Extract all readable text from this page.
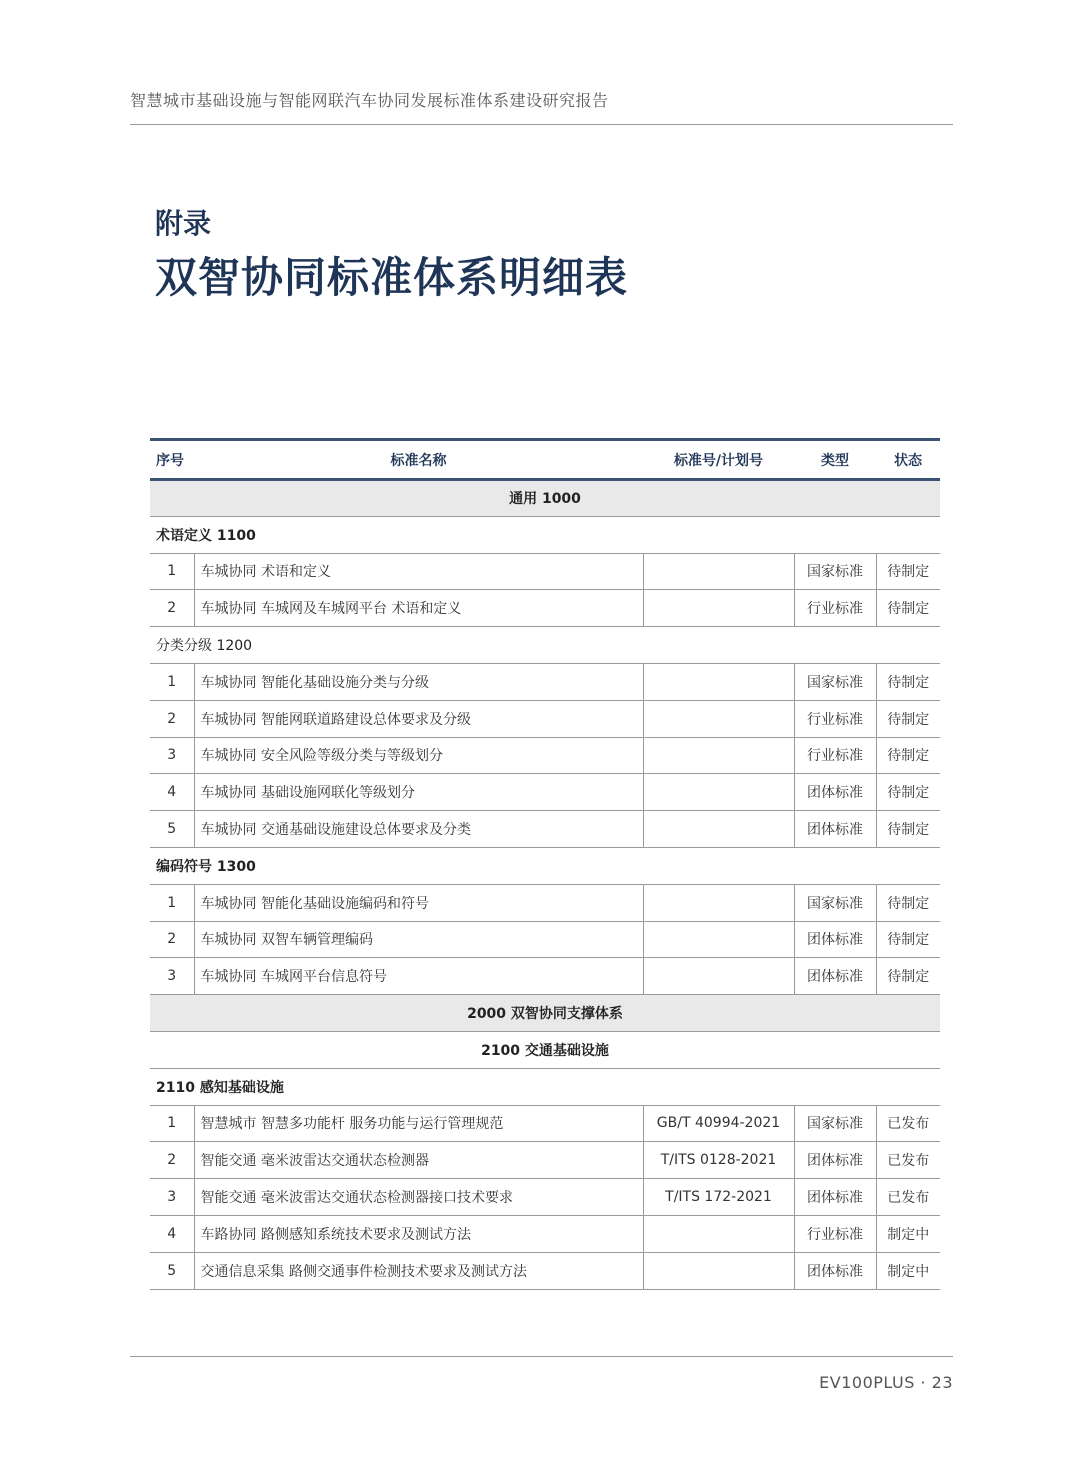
智慧城市基础设施与智能网联汽车协同发展标准体系建设研究报告
附录
双智协同标准体系明细表
序号	标准名称	标准号/计划号	类型	状态
通用 1000				
术语定义 1100				
1	车城协同 术语和定义		国家标准	待制定
2	车城协同 车城网及车城网平台 术语和定义		行业标准	待制定
分类分级 1200				
1	车城协同 智能化基础设施分类与分级		国家标准	待制定
2	车城协同 智能网联道路建设总体要求及分级		行业标准	待制定
3	车城协同 安全风险等级分类与等级划分		行业标准	待制定
4	车城协同 基础设施网联化等级划分		团体标准	待制定
5	车城协同 交通基础设施建设总体要求及分类		团体标准	待制定
编码符号 1300				
1	车城协同 智能化基础设施编码和符号		国家标准	待制定
2	车城协同 双智车辆管理编码		团体标准	待制定
3	车城协同 车城网平台信息符号		团体标准	待制定
2000 双智协同支撑体系				
2100 交通基础设施				
2110 感知基础设施				
1	智慧城市 智慧多功能杆 服务功能与运行管理规范	GB/T 40994-2021	国家标准	已发布
2	智能交通 毫米波雷达交通状态检测器	T/ITS 0128-2021	团体标准	已发布
3	智能交通 毫米波雷达交通状态检测器接口技术要求	T/ITS 172-2021	团体标准	已发布
4	车路协同 路侧感知系统技术要求及测试方法		行业标准	制定中
5	交通信息采集 路侧交通事件检测技术要求及测试方法		团体标准	制定中
EV100PLUS · 23
